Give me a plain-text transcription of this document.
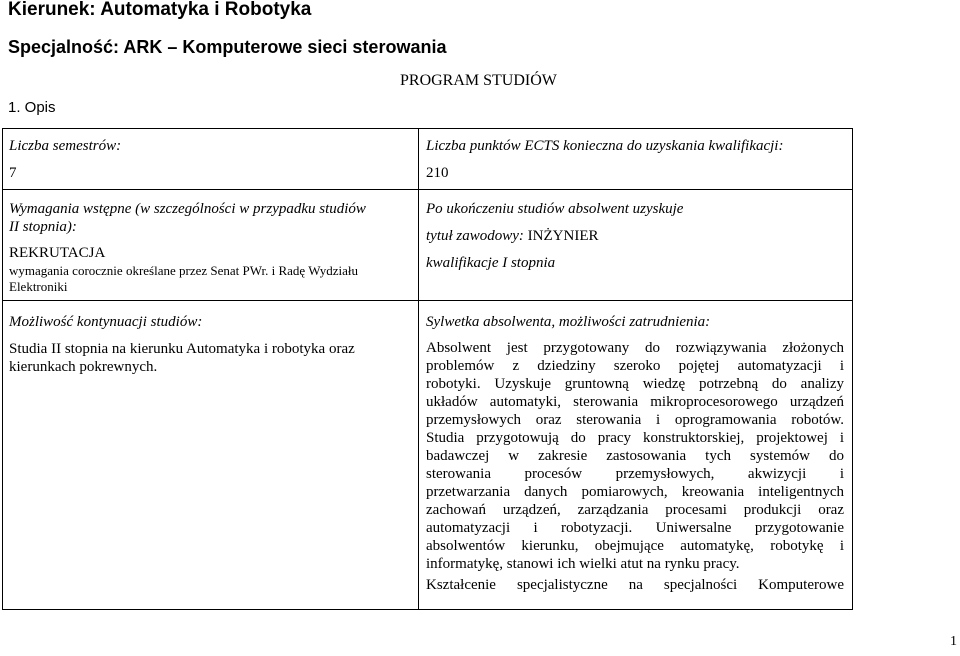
Kierunek: Automatyka i Robotyka
Specjalność: ARK – Komputerowe sieci sterowania
PROGRAM STUDIÓW
1. Opis
Liczba semestrów:
7
Wymagania wstępne (w szczególności w przypadku studiów
II stopnia):
REKRUTACJA
wymagania corocznie określane przez Senat PWr. i Radę Wydziału
Elektroniki
Możliwość kontynuacji studiów:
Studia II stopnia na kierunku Automatyka i robotyka oraz
kierunkach pokrewnych.
Liczba punktów ECTS konieczna do uzyskania kwalifikacji:
210
Po ukończeniu studiów absolwent uzyskuje
tytuł zawodowy: INŻYNIER
kwalifikacje I stopnia
Sylwetka absolwenta, możliwości zatrudnienia:
Absolwent jest przygotowany do rozwiązywania złożonych
problemów z dziedziny szeroko pojętej automatyzacji i
robotyki. Uzyskuje gruntowną wiedzę potrzebną do analizy
układów automatyki, sterowania mikroprocesorowego urządzeń
przemysłowych oraz sterowania i oprogramowania robotów.
Studia przygotowują do pracy konstruktorskiej, projektowej i
badawczej w zakresie zastosowania tych systemów do
sterowania procesów przemysłowych, akwizycji i
przetwarzania danych pomiarowych, kreowania inteligentnych
zachowań urządzeń, zarządzania procesami produkcji oraz
automatyzacji i robotyzacji. Uniwersalne przygotowanie
absolwentów kierunku, obejmujące automatykę, robotykę i
informatykę, stanowi ich wielki atut na rynku pracy.
Kształcenie specjalistyczne na specjalności Komputerowe
1
